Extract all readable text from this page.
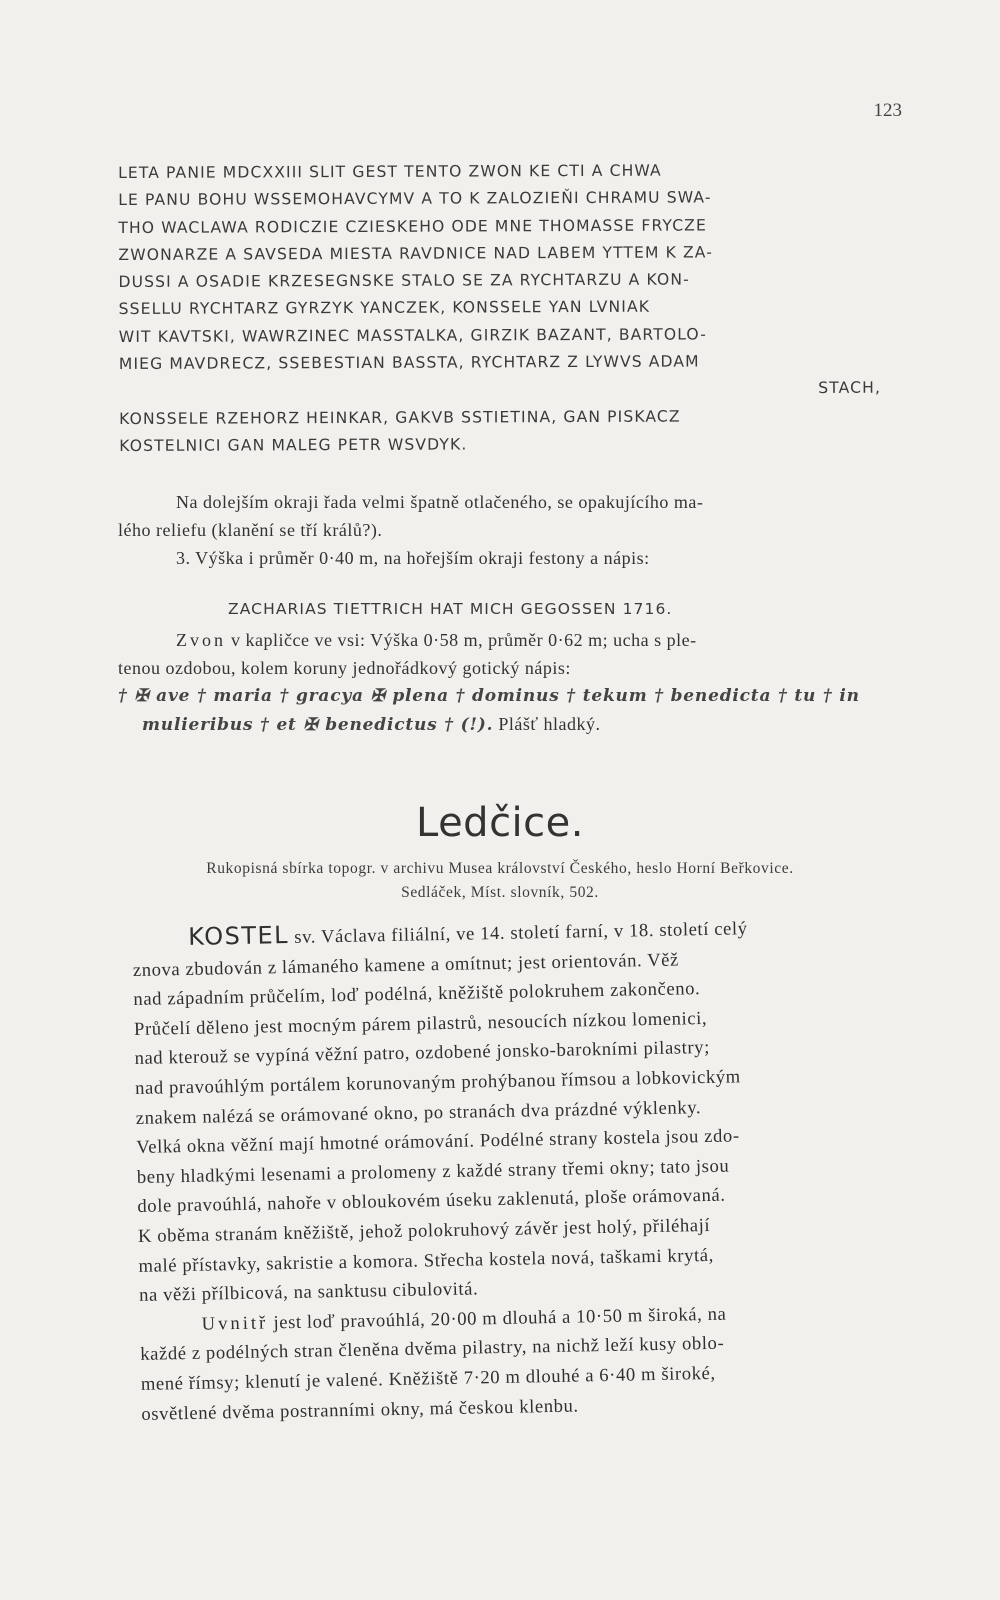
123
LETA PANIE MDCXXIII SLIT GEST TENTO ZWON KE CTI A CHWA
LE PANU BOHU WSSEMOHAVCYMV A TO K ZALOZIEŇI CHRAMU SWA-
THO WACLAWA RODICZIE CZIESKEHO ODE MNE THOMASSE FRYCZE
ZWONARZE A SAVSEDA MIESTA RAVDNICE NAD LABEM YTTEM K ZA-
DUSSI A OSADIE KRZESEGNSKE STALO SE ZA RYCHTARZU A KON-
SSELLU RYCHTARZ GYRZYK YANCZEK, KONSSELE YAN LVNIAK
WIT KAVTSKI, WAWRZINEC MASSTALKA, GIRZIK BAZANT, BARTOLO-
MIEG MAVDRECZ, SSEBESTIAN BASSTA, RYCHTARZ Z LYWVS ADAM
STACH,
KONSSELE RZEHORZ HEINKAR, GAKVB SSTIETINA, GAN PISKACZ
KOSTELNICI GAN MALEG PETR WSVDYK.
Na dolejším okraji řada velmi špatně otlačeného, se opakujícího ma-
lého reliefu (klanění se tří králů?).
3. Výška i průměr 0·40 m, na hořejším okraji festony a nápis:
ZACHARIAS TIETTRICH HAT MICH GEGOSSEN 1716.
Zvon v kapličce ve vsi: Výška 0·58 m, průměr 0·62 m; ucha s ple-
tenou ozdobou, kolem koruny jednořádkový gotický nápis:
† ✠ ave † maria † gracya ✠ plena † dominus † tekum † benedicta † tu † in
mulieribus † et ✠ benedictus † (!). Plášť hladký.
Ledčice.
Rukopisná sbírka topogr. v archivu Musea království Českého, heslo Horní Beřkovice.
Sedláček, Míst. slovník, 502.
KOSTEL sv. Václava filiální, ve 14. století farní, v 18. století celý
znova zbudován z lámaného kamene a omítnut; jest orientován. Věž
nad západním průčelím, loď podélná, kněžiště polokruhem zakončeno.
Průčelí děleno jest mocným párem pilastrů, nesoucích nízkou lomenici,
nad kterouž se vypíná věžní patro, ozdobené jonsko-barokními pilastry;
nad pravoúhlým portálem korunovaným prohýbanou římsou a lobkovickým
znakem nalézá se orámované okno, po stranách dva prázdné výklenky.
Velká okna věžní mají hmotné orámování. Podélné strany kostela jsou zdo-
beny hladkými lesenami a prolomeny z každé strany třemi okny; tato jsou
dole pravoúhlá, nahoře v obloukovém úseku zaklenutá, ploše orámovaná.
K oběma stranám kněžiště, jehož polokruhový závěr jest holý, přiléhají
malé přístavky, sakristie a komora. Střecha kostela nová, taškami krytá,
na věži přílbicová, na sanktusu cibulovitá.
Uvnitř jest loď pravoúhlá, 20·00 m dlouhá a 10·50 m široká, na
každé z podélných stran členěna dvěma pilastry, na nichž leží kusy oblo-
mené římsy; klenutí je valené. Kněžiště 7·20 m dlouhé a 6·40 m široké,
osvětlené dvěma postranními okny, má českou klenbu.
